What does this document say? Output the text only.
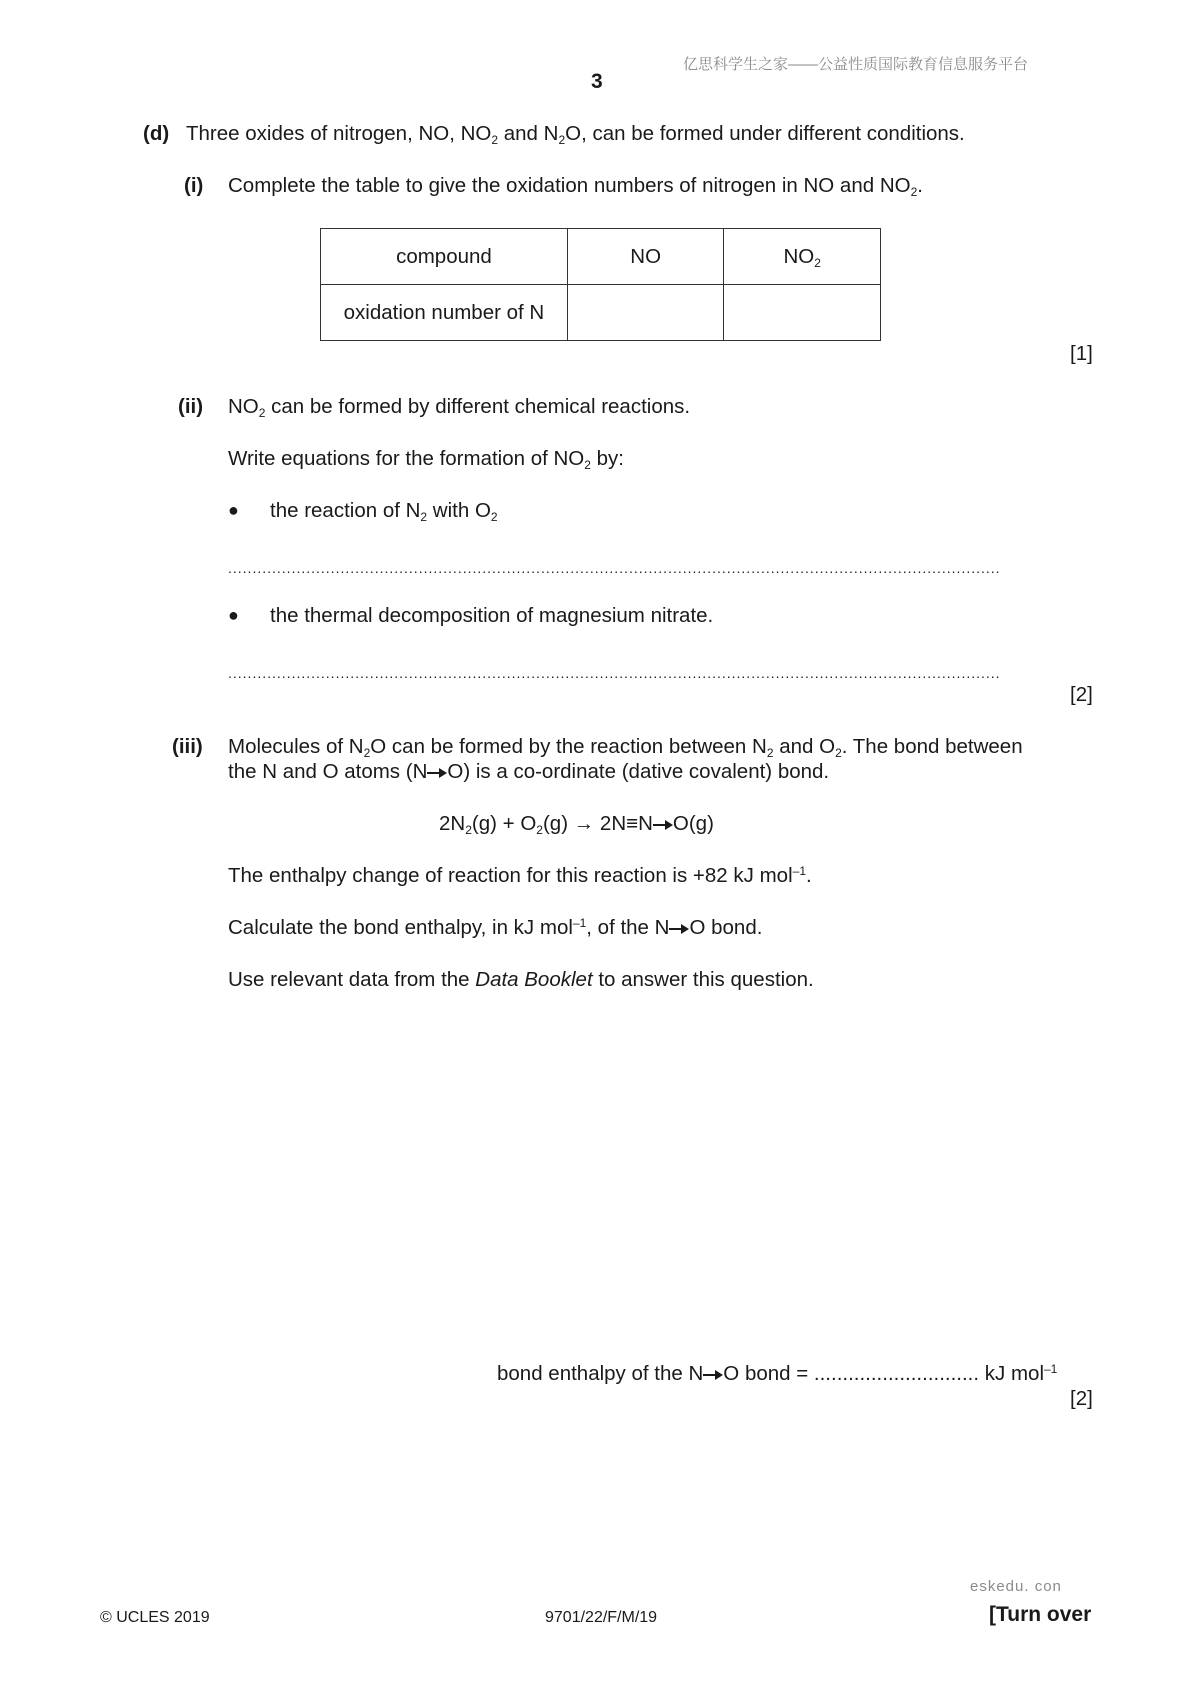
亿思科学生之家——公益性质国际教育信息服务平台
3
(d) Three oxides of nitrogen, NO, $NO_2$ and $N_2O$, can be formed under different conditions.
(i) Complete the table to give the oxidation numbers of nitrogen in NO and $NO_2$.
compound	NO	$NO_2$
oxidation number of N		
[1]
(ii) $NO_2$ can be formed by different chemical reactions.
Write equations for the formation of $NO_2$ by:
● the reaction of $N_2$ with $O_2$
..............................................................................................................................................................
● the thermal decomposition of magnesium nitrate.
..............................................................................................................................................................
[2]
(iii) Molecules of $N_2O$ can be formed by the reaction between $N_2$ and $O_2$. The bond between
the N and O atoms (N O) is a co-ordinate (dative covalent) bond.
$2N_2(g) + O_2(g) \to 2N\equiv N$ O(g)
The enthalpy change of reaction for this reaction is +82 kJ mol$^{-1}$.
Calculate the bond enthalpy, in kJ mol$^{-1}$, of the N O bond.
Use relevant data from the Data Booklet to answer this question.
bond enthalpy of the N O bond = ............................. kJ mol$^{-1}$
[2]
eskedu. con
© UCLES 2019	9701/22/F/M/19	[Turn over
